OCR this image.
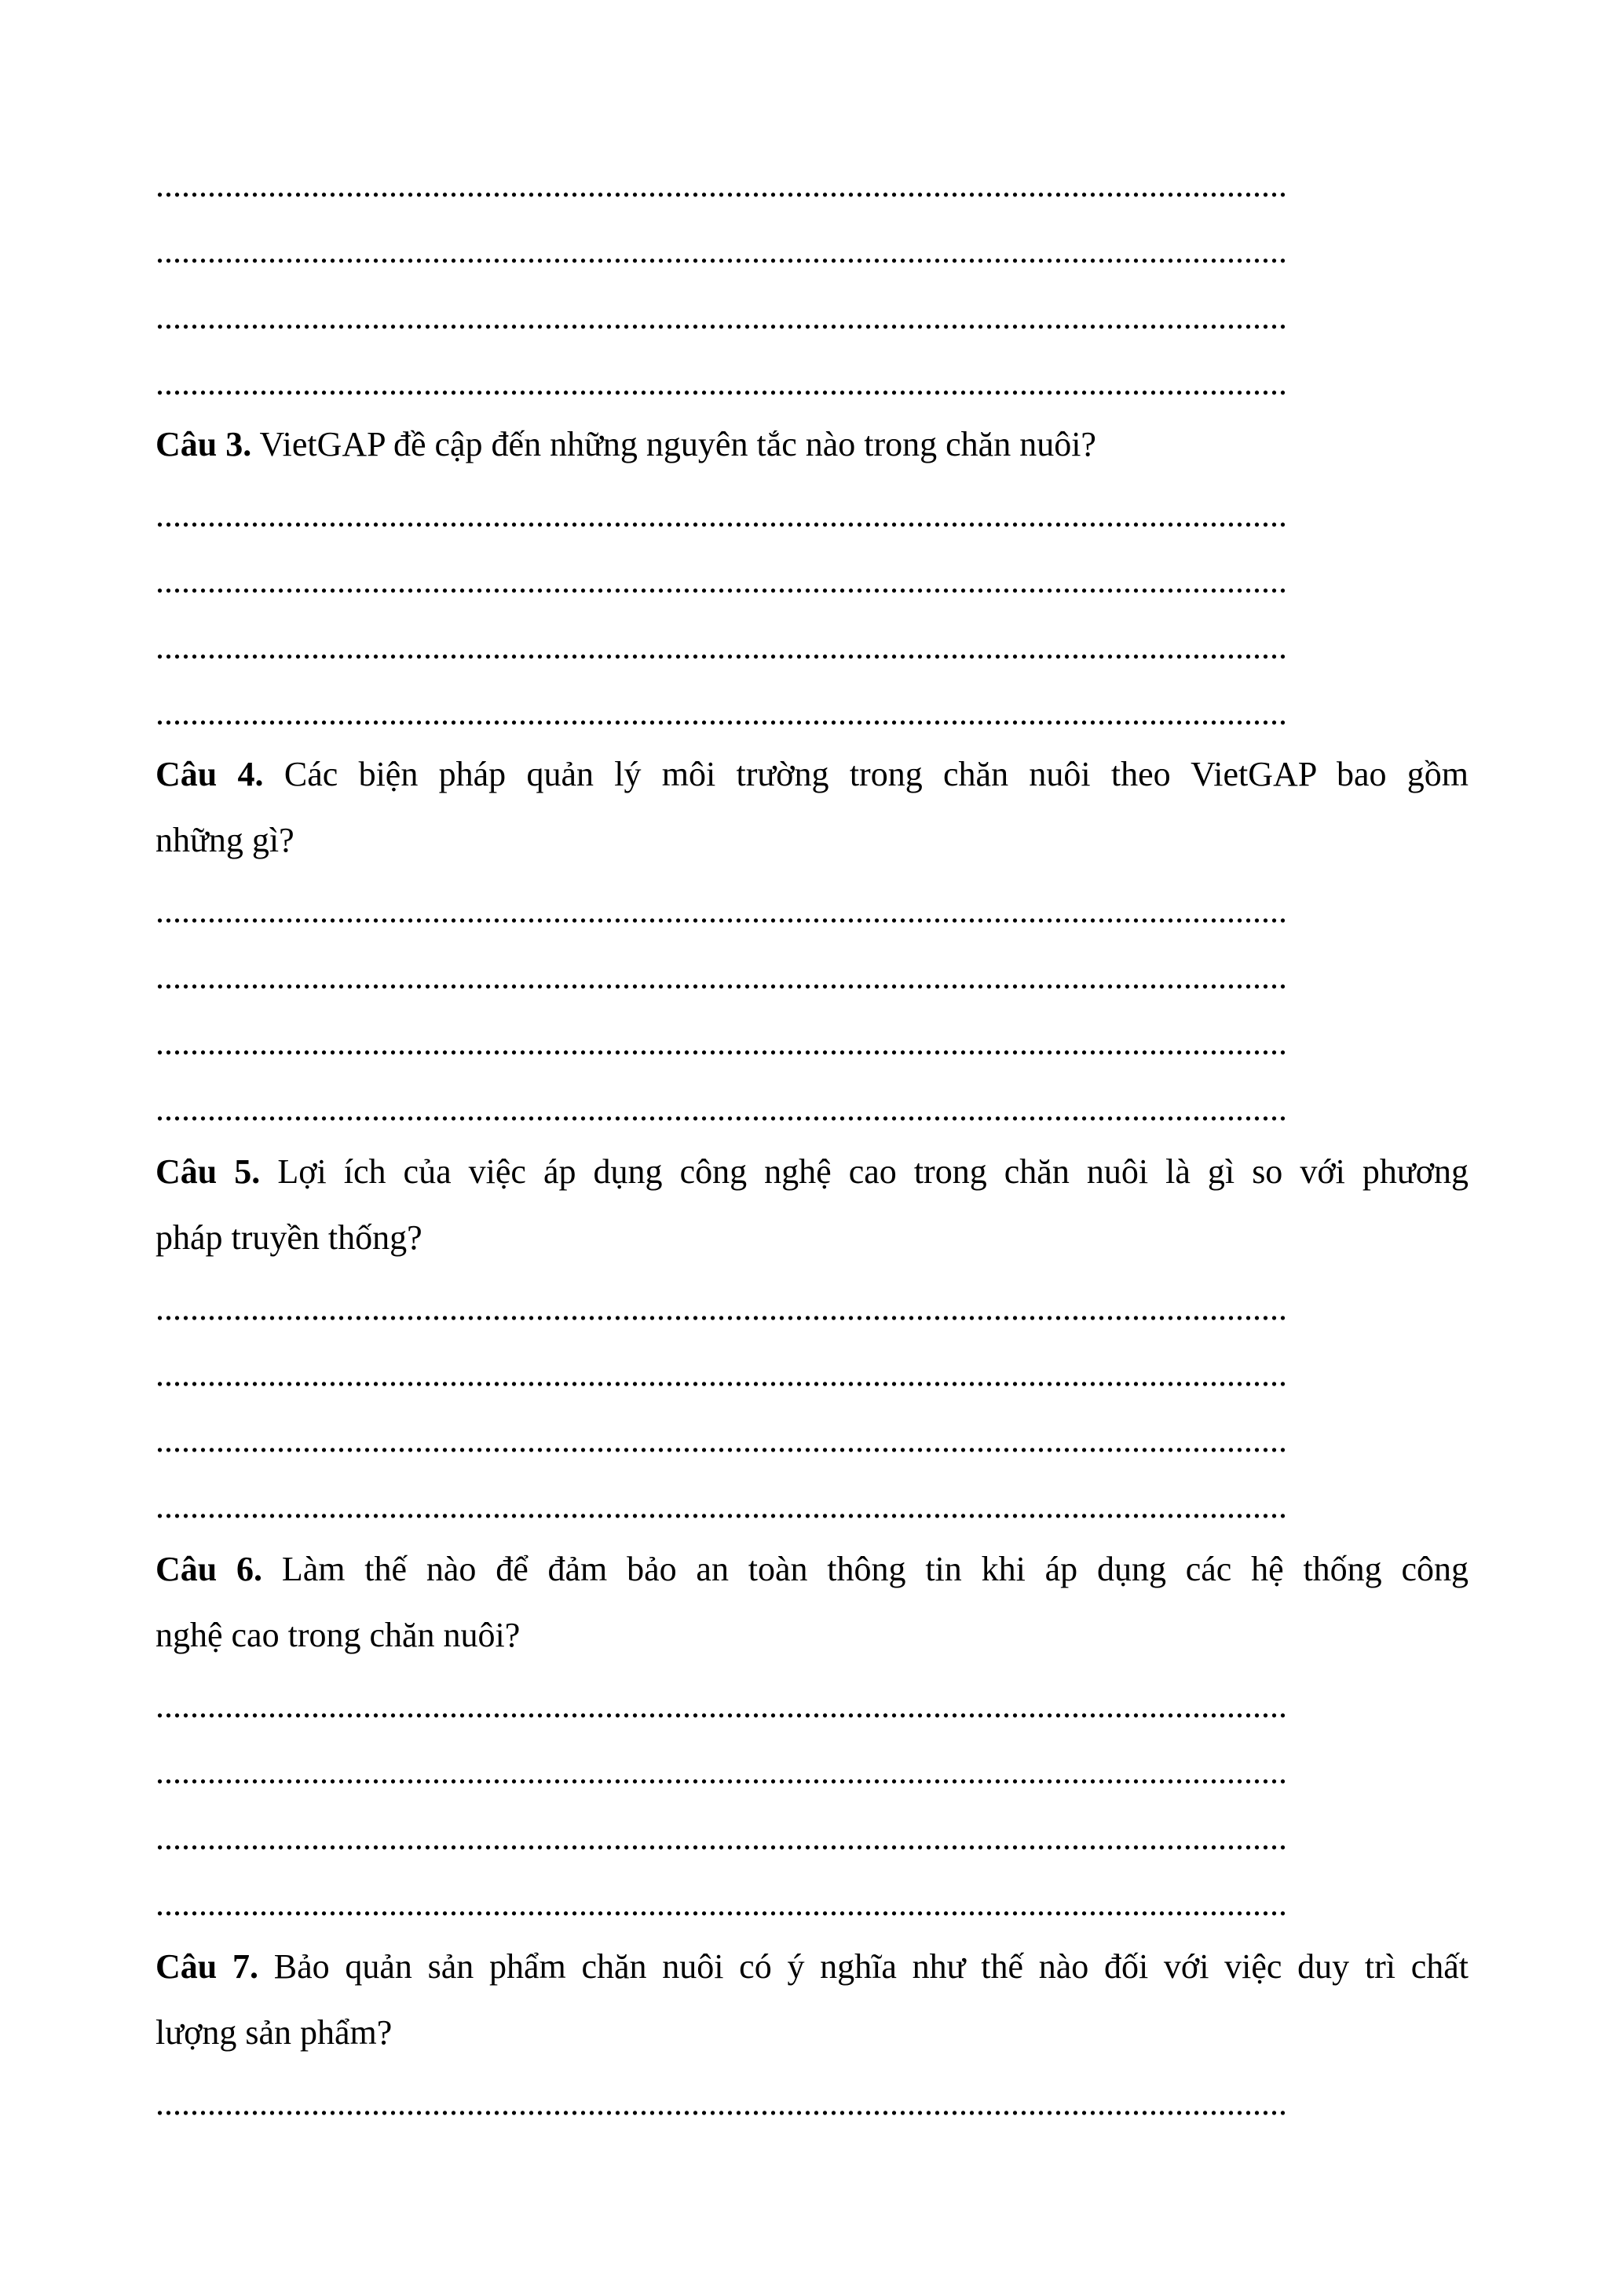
...................................................................................................................................
...................................................................................................................................
...................................................................................................................................
...................................................................................................................................
Câu 3. VietGAP đề cập đến những nguyên tắc nào trong chăn nuôi?
...................................................................................................................................
...................................................................................................................................
...................................................................................................................................
...................................................................................................................................
Câu 4. Các biện pháp quản lý môi trường trong chăn nuôi theo VietGAP bao gồm
những gì?
...................................................................................................................................
...................................................................................................................................
...................................................................................................................................
...................................................................................................................................
Câu 5. Lợi ích của việc áp dụng công nghệ cao trong chăn nuôi là gì so với phương
pháp truyền thống?
...................................................................................................................................
...................................................................................................................................
...................................................................................................................................
...................................................................................................................................
Câu 6. Làm thế nào để đảm bảo an toàn thông tin khi áp dụng các hệ thống công
nghệ cao trong chăn nuôi?
...................................................................................................................................
...................................................................................................................................
...................................................................................................................................
...................................................................................................................................
Câu 7. Bảo quản sản phẩm chăn nuôi có ý nghĩa như thế nào đối với việc duy trì chất
lượng sản phẩm?
...................................................................................................................................
